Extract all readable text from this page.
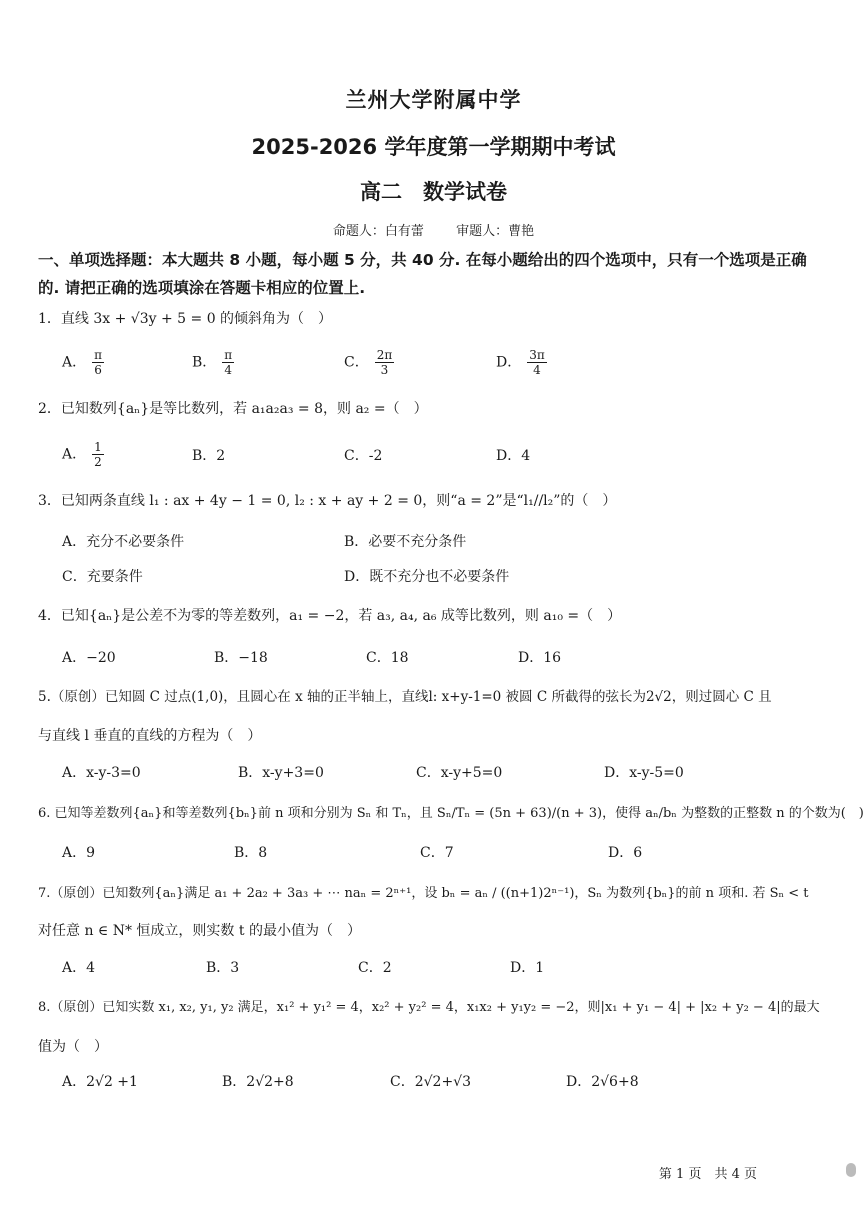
兰州大学附属中学
2025-2026 学年度第一学期期中考试
高二　数学试卷
命题人：白有蕾 审题人：曹艳
一、单项选择题：本大题共 8 小题，每小题 5 分，共 40 分. 在每小题给出的四个选项中，只有一个选项是正确的. 请把正确的选项填涂在答题卡相应的位置上.
1．直线 3x + √3y + 5 = 0 的倾斜角为（　）
A． $\frac{\pi}{6}$	B． $\frac{\pi}{4}$	C． $\frac{2\pi}{3}$	D． $\frac{3\pi}{4}$
2．已知数列{aₙ}是等比数列，若 a₁a₂a₃ = 8，则 a₂ =（　）
A． $\frac{1}{2}$	B．2	C．-2	D．4
3．已知两条直线 l₁ : ax + 4y − 1 = 0, l₂ : x + ay + 2 = 0，则“a = 2”是“l₁//l₂”的（　）
A．充分不必要条件	B．必要不充分条件
C．充要条件	D．既不充分也不必要条件
4．已知{aₙ}是公差不为零的等差数列，a₁ = −2，若 a₃, a₄, a₆ 成等比数列，则 a₁₀ =（　）
A．−20	B．−18	C．18	D．16
5.（原创）已知圆 C 过点(1,0)，且圆心在 x 轴的正半轴上，直线l: x+y-1=0 被圆 C 所截得的弦长为2√2，则过圆心 C 且
与直线 l 垂直的直线的方程为（　）
A．x-y-3=0	B．x-y+3=0	C．x-y+5=0	D．x-y-5=0
6. 已知等差数列{aₙ}和等差数列{bₙ}前 n 项和分别为 Sₙ 和 Tₙ，且 Sₙ/Tₙ = (5n + 63)/(n + 3)，使得 aₙ/bₙ 为整数的正整数 n 的个数为(　)
A．9	B．8	C．7	D．6
7.（原创）已知数列{aₙ}满足 a₁ + 2a₂ + 3a₃ + ⋯ naₙ = 2ⁿ⁺¹，设 bₙ = aₙ / ((n+1)2ⁿ⁻¹)，Sₙ 为数列{bₙ}的前 n 项和. 若 Sₙ < t
对任意 n ∈ N* 恒成立，则实数 t 的最小值为（　）
A．4	B．3	C．2	D．1
8.（原创）已知实数 x₁, x₂, y₁, y₂ 满足，x₁² + y₁² = 4，x₂² + y₂² = 4，x₁x₂ + y₁y₂ = −2，则|x₁ + y₁ − 4| + |x₂ + y₂ − 4|的最大
值为（　）
A．2√2 +1	B．2√2+8	C．2√2+√3	D．2√6+8
第 1 页　共 4 页
